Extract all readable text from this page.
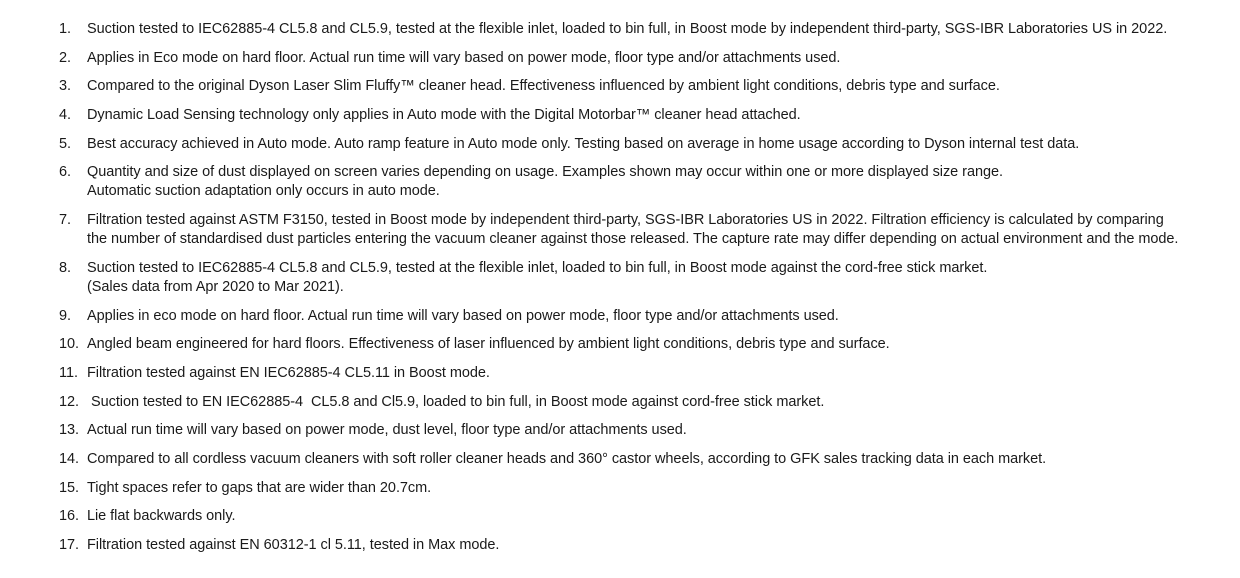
1.	Suction tested to IEC62885-4 CL5.8 and CL5.9, tested at the flexible inlet, loaded to bin full, in Boost mode by independent third-party, SGS-IBR Laboratories US in 2022.
2.	Applies in Eco mode on hard floor. Actual run time will vary based on power mode, floor type and/or attachments used.
3.	Compared to the original Dyson Laser Slim Fluffy™ cleaner head. Effectiveness influenced by ambient light conditions, debris type and surface.
4.	Dynamic Load Sensing technology only applies in Auto mode with the Digital Motorbar™ cleaner head attached.
5.	Best accuracy achieved in Auto mode. Auto ramp feature in Auto mode only. Testing based on average in home usage according to Dyson internal test data.
6.	Quantity and size of dust displayed on screen varies depending on usage. Examples shown may occur within one or more displayed size range.
Automatic suction adaptation only occurs in auto mode.
7.	Filtration tested against ASTM F3150, tested in Boost mode by independent third-party, SGS-IBR Laboratories US in 2022. Filtration efficiency is calculated by comparing
the number of standardised dust particles entering the vacuum cleaner against those released. The capture rate may differ depending on actual environment and the mode.
8.	Suction tested to IEC62885-4 CL5.8 and CL5.9, tested at the flexible inlet, loaded to bin full, in Boost mode against the cord-free stick market.
(Sales data from Apr 2020 to Mar 2021).
9.	Applies in eco mode on hard floor. Actual run time will vary based on power mode, floor type and/or attachments used.
10. Angled beam engineered for hard floors. Effectiveness of laser influenced by ambient light conditions, debris type and surface.
11. Filtration tested against EN IEC62885-4 CL5.11 in Boost mode.
12. Suction tested to EN IEC62885-4  CL5.8 and Cl5.9, loaded to bin full, in Boost mode against cord-free stick market.
13. Actual run time will vary based on power mode, dust level, floor type and/or attachments used.
14. Compared to all cordless vacuum cleaners with soft roller cleaner heads and 360° castor wheels, according to GFK sales tracking data in each market.
15. Tight spaces refer to gaps that are wider than 20.7cm.
16. Lie flat backwards only.
17. Filtration tested against EN 60312-1 cl 5.11, tested in Max mode.
